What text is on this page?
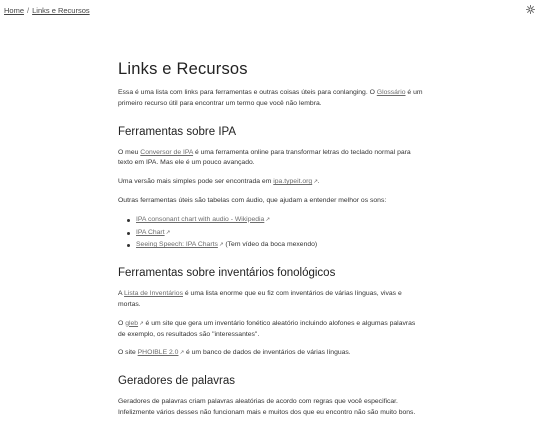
Home / Links e Recursos
Links e Recursos

Essa é uma lista com links para ferramentas e outras coisas úteis para conlanging. O Glossário é um primeiro recurso útil para encontrar um termo que você não lembra.

Ferramentas sobre IPA

O meu Conversor de IPA é uma ferramenta online para transformar letras do teclado normal para texto em IPA. Mas ele é um pouco avançado.

Uma versão mais simples pode ser encontrada em ipa.typeit.org ↗ .

Outras ferramentas úteis são tabelas com áudio, que ajudam a entender melhor os sons:

IPA consonant chart with audio - Wikipedia ↗
IPA Chart ↗
Seeing Speech: IPA Charts ↗ (Tem vídeo da boca mexendo)
Ferramentas sobre inventários fonológicos

A Lista de Inventários é uma lista enorme que eu fiz com inventários de várias línguas, vivas e mortas.

O gleb ↗ é um site que gera um inventário fonético aleatório incluindo alofones e algumas palavras de exemplo, os resultados são "interessantes".

O site PHOIBLE 2.0 ↗ é um banco de dados de inventários de várias línguas.

Geradores de palavras

Geradores de palavras criam palavras aleatórias de acordo com regras que você especificar. Infelizmente vários desses não funcionam mais e muitos dos que eu encontro não são muito bons.
